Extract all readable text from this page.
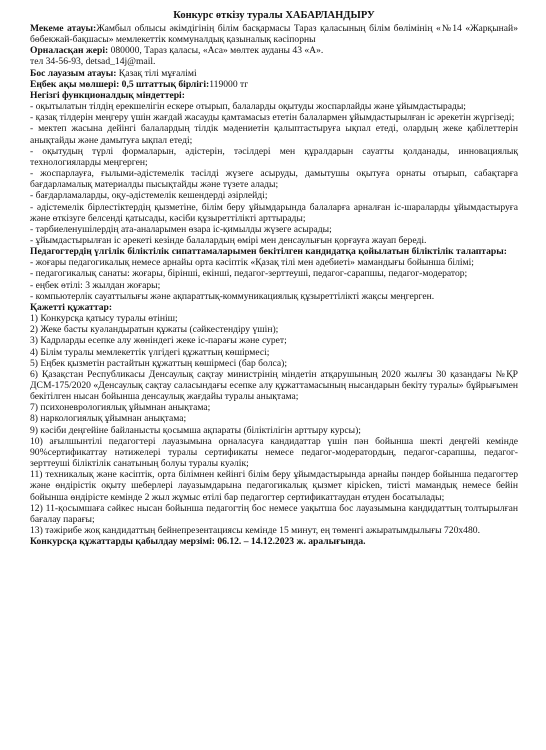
Конкурс өткізу туралы ХАБАРЛАНДЫРУ

Мекеме атауы:Жамбыл облысы әкімдігінің білім басқармасы Тараз қаласының білім бөлімінің «№14 «Жарқынай» бөбекжай-бақшасы» мемлекеттік коммуналдық қазыналық кәсіпорны

Орналасқан жері: 080000, Тараз қаласы, «Аса» мөлтек ауданы 43 «А».

тел 34-56-93, detsad_14j@mail.

Бос лауазым атауы: Қазақ тілі мұғалімі

Еңбек ақы мөлшері: 0,5 штаттық бірлігі:119000 тг

Негізгі функционалдық міндеттері:

- оқытылатын тілдің ерекшелігін ескере отырып, балаларды оқытуды жоспарлайды және ұйымдастырады;

- қазақ тілдерін меңгеру үшін жағдай жасауды қамтамасыз ететін балалармен ұйымдастырылған іс әрекетін жүргізеді;

- мектеп жасына дейінгі балалардың тілдік мәдениетін қалыптастыруға ықпал етеді, олардың жеке қабілеттерін анықтайды және дамытуға ықпал етеді;

- оқытудың түрлі формаларын, әдістерін, тәсілдері мен құралдарын сауатты қолданады, инновациялық технологияларды меңгерген;

- жоспарлауға, ғылыми-әдістемелік тәсілді жүзеге асыруды, дамытушы оқытуға орнаты отырып, сабақтарға бағдарламалық материалды пысықтайды және түзете алады;

- бағдарламаларды, оқу-әдістемелік кешендерді әзірлейді;

- әдістемелік бірлестіктердің қызметіне, білім беру ұйымдарында балаларға арналған іс-шараларды ұйымдастыруға және өткізуге белсенді қатысады, кәсіби құзыреттілікті арттырады;

- тәрбиеленушілердің ата-аналарымен өзара іс-қимылды жүзеге асырады;

- ұйымдастырылған іс әрекеті кезінде балалардың өмірі мен денсаулығын қорғауға жауап береді.

Педагогтердің үлгілік біліктілік сипаттамаларымен бекітілген кандидатқа қойылатын біліктілік талаптары:

- жоғары педагогикалық немесе арнайы орта кәсіптік «Қазақ тілі мен әдебиеті» мамандығы бойынша білімі;

- педагогикалық санаты: жоғары, бірінші, екінші, педагог-зерттеуші, педагог-сарапшы, педагог-модератор;

- еңбек өтілі: 3 жылдан жоғары;

- компьютерлік сауаттылығы және ақпараттық-коммуникациялық құзыреттілікті жақсы меңгерген.

Қажетті құжаттар:

1) Конкурсқа қатысу туралы өтініш;

2) Жеке басты куәландыратын құжаты (сәйкестендіру үшін);

3) Кадрларды есепке алу жөніндегі жеке іс-парағы және сурет;

4) Білім туралы мемлекеттік үлгідегі құжаттың көшірмесі;

5) Еңбек қызметін растайтын құжаттың көшірмесі (бар болса);

6) Қазақстан Республикасы Денсаулық сақтау министрінің міндетін атқарушының 2020 жылғы 30 қазандағы №ҚР ДСМ-175/2020 «Денсаулық сақтау саласындағы есепке алу құжаттамасының нысандарын бекіту туралы» бұйрығымен бекітілген нысан бойынша денсаулық жағдайы туралы анықтама;

7) психоневрологиялық ұйымнан анықтама;

8) наркологиялық ұйымнан анықтама;

9) кәсіби деңгейіне байланысты қосымша ақпараты (біліктілігін арттыру курсы);

10) ағылшынтілі педагогтері лауазымына орналасуға кандидаттар үшін пән бойынша шекті деңгейі кемінде 90%сертификаттау нәтижелері туралы сертификаты немесе педагог-модератордың, педагог-сарапшы, педагог-зерттеуші біліктілік санатының болуы туралы куәлік;

11) техникалық және кәсіптік, орта білімнен кейінгі білім беру ұйымдастырында арнайы пәндер бойынша педагогтер және өндірістік оқыту шеберлері лауазымдарына педагогикалық қызмет кірісken, тиісті мамандық немесе бейін бойынша өндірісте кемінде 2 жыл жұмыс өтілі бар педагогтер сертификаттаудан өтуден босатылады;

12) 11-қосымшаға сәйкес нысан бойынша педагогтің бос немесе уақытша бос лауазымына кандидаттың толтырылған бағалау парағы;

13) тәжірибе жоқ кандидаттың бейнепрезентациясы кемінде 15 минут, ең төменгі ажыратымдылығы 720х480.

Конкурсқа құжаттарды қабылдау мерзімі: 06.12. – 14.12.2023 ж. аралығында.
